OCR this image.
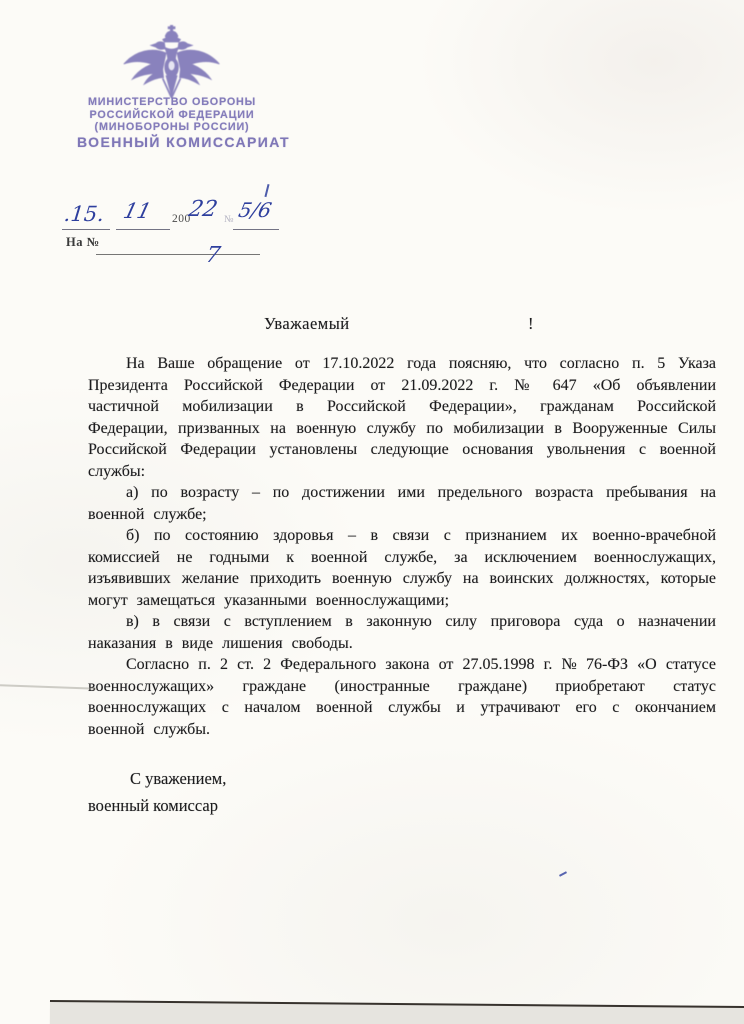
МИНИСТЕРСТВО ОБОРОНЫ
РОССИЙСКОЙ ФЕДЕРАЦИИ
(МИНОБОРОНЫ РОССИИ)
ВОЕННЫЙ КОМИССАРИАТ
.15. 11 200
22 № 5/6
На №
7
Уважаемый	!

На Ваше обращение от 17.10.2022 года поясняю, что согласно п. 5 Указа Президента Российской Федерации от 21.09.2022 г. № 647 «Об объявлении частичной мобилизации в Российской Федерации», гражданам Российской Федерации, призванных на военную службу по мобилизации в Вооруженные Силы Российской Федерации установлены следующие основания увольнения с военной службы:

а) по возрасту – по достижении ими предельного возраста пребывания на военной службе;

б) по состоянию здоровья – в связи с признанием их военно-врачебной комиссией не годными к военной службе, за исключением военнослужащих, изъявивших желание приходить военную службу на воинских должностях, которые могут замещаться указанными военнослужащими;

в) в связи с вступлением в законную силу приговора суда о назначении наказания в виде лишения свободы.

Согласно п. 2 ст. 2 Федерального закона от 27.05.1998 г. № 76-ФЗ «О статусе военнослужащих» граждане (иностранные граждане) приобретают статус военнослужащих с началом военной службы и утрачивают его с окончанием военной службы.

С уважением,
военный комиссар
